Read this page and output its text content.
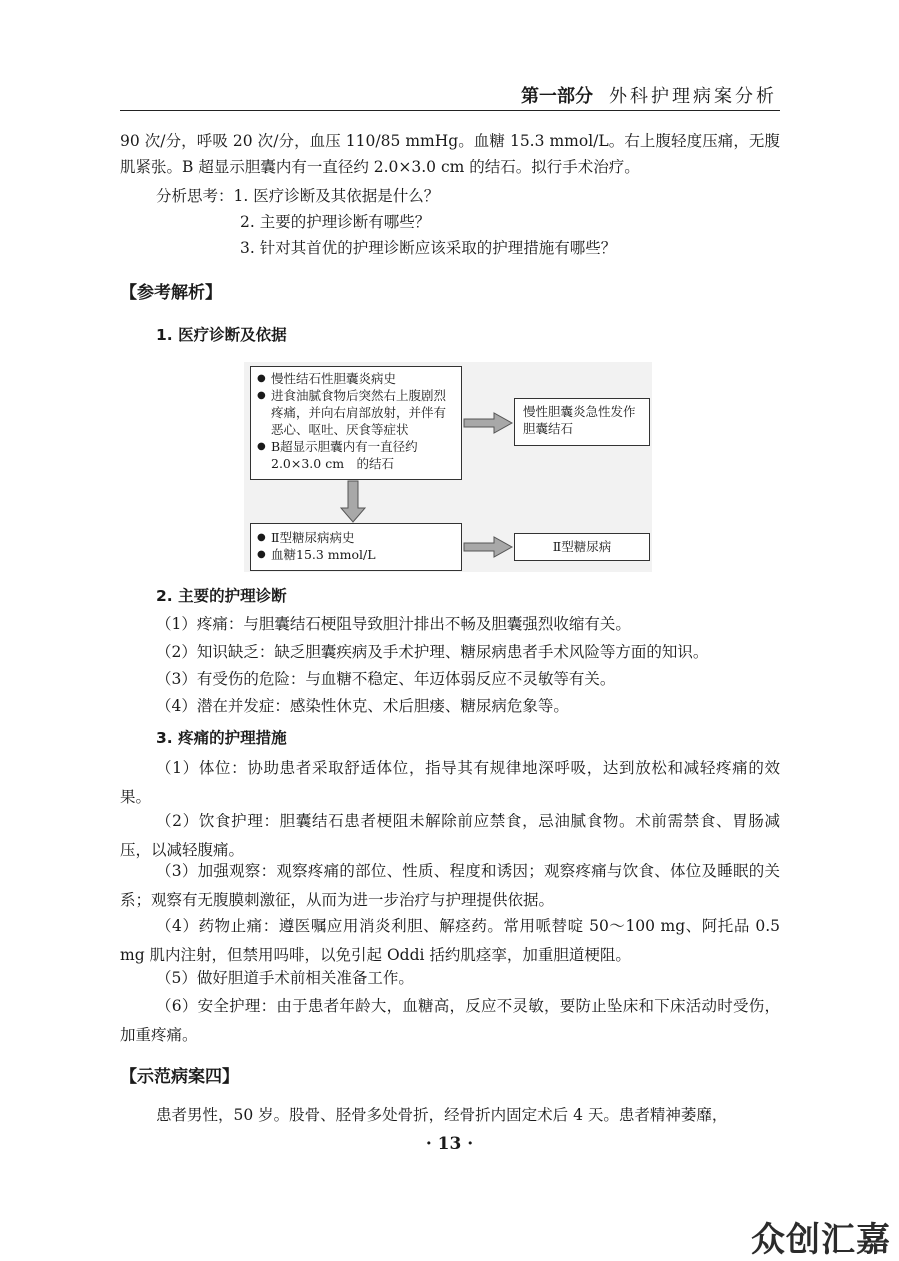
第一部分 外科护理病案分析
90 次/分，呼吸 20 次/分，血压 110/85 mmHg。血糖 15.3 mmol/L。右上腹轻度压痛，无腹肌紧张。B 超显示胆囊内有一直径约 2.0×3.0 cm 的结石。拟行手术治疗。
分析思考：1. 医疗诊断及其依据是什么？
2. 主要的护理诊断有哪些？
3. 针对其首优的护理诊断应该采取的护理措施有哪些？
【参考解析】
1. 医疗诊断及依据
● 慢性结石性胆囊炎病史
● 进食油腻食物后突然右上腹剧烈疼痛，并向右肩部放射，并伴有恶心、呕吐、厌食等症状
● B超显示胆囊内有一直径约2.0×3.0 cm　的结石
慢性胆囊炎急性发作胆囊结石
● Ⅱ型糖尿病病史
● 血糖15.3 mmol/L
Ⅱ型糖尿病
2. 主要的护理诊断
（1）疼痛：与胆囊结石梗阻导致胆汁排出不畅及胆囊强烈收缩有关。
（2）知识缺乏：缺乏胆囊疾病及手术护理、糖尿病患者手术风险等方面的知识。
（3）有受伤的危险：与血糖不稳定、年迈体弱反应不灵敏等有关。
（4）潜在并发症：感染性休克、术后胆瘘、糖尿病危象等。
3. 疼痛的护理措施
（1）体位：协助患者采取舒适体位，指导其有规律地深呼吸，达到放松和减轻疼痛的效果。
（2）饮食护理：胆囊结石患者梗阻未解除前应禁食，忌油腻食物。术前需禁食、胃肠减压，以减轻腹痛。
（3）加强观察：观察疼痛的部位、性质、程度和诱因；观察疼痛与饮食、体位及睡眠的关系；观察有无腹膜刺激征，从而为进一步治疗与护理提供依据。
（4）药物止痛：遵医嘱应用消炎利胆、解痉药。常用哌替啶 50～100 mg、阿托品 0.5 mg 肌内注射，但禁用吗啡，以免引起 Oddi 括约肌痉挛，加重胆道梗阻。
（5）做好胆道手术前相关准备工作。
（6）安全护理：由于患者年龄大，血糖高，反应不灵敏，要防止坠床和下床活动时受伤，加重疼痛。
【示范病案四】
患者男性，50 岁。股骨、胫骨多处骨折，经骨折内固定术后 4 天。患者精神萎靡，
· 13 ·
众创汇嘉
